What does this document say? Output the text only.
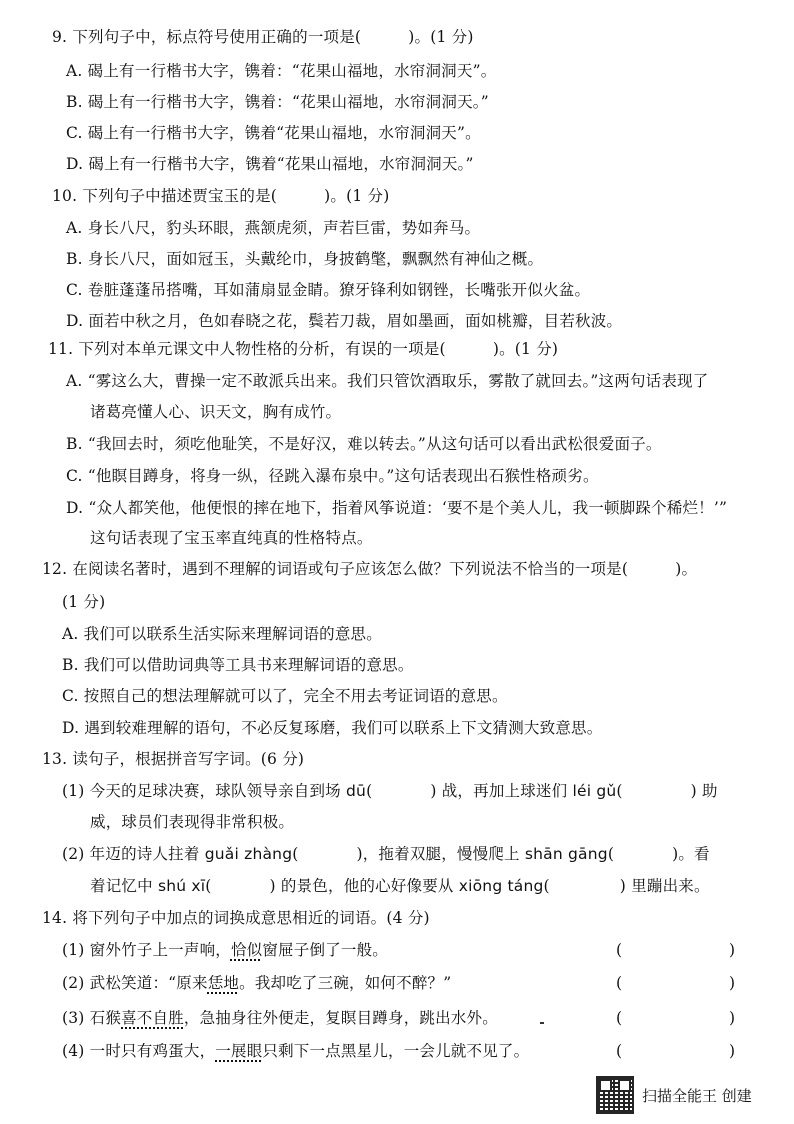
9. 下列句子中，标点符号使用正确的一项是(　　　)。(1 分)
A. 碣上有一行楷书大字，镌着：“花果山福地，水帘洞洞天”。
B. 碣上有一行楷书大字，镌着：“花果山福地，水帘洞洞天。”
C. 碣上有一行楷书大字，镌着“花果山福地，水帘洞洞天”。
D. 碣上有一行楷书大字，镌着“花果山福地，水帘洞洞天。”
10. 下列句子中描述贾宝玉的是(　　　)。(1 分)
A. 身长八尺，豹头环眼，燕颔虎须，声若巨雷，势如奔马。
B. 身长八尺，面如冠玉，头戴纶巾，身披鹤氅，飘飘然有神仙之概。
C. 卷脏蓬蓬吊搭嘴，耳如蒲扇显金睛。獠牙锋利如钢锉，长嘴张开似火盆。
D. 面若中秋之月，色如春晓之花，鬓若刀裁，眉如墨画，面如桃瓣，目若秋波。
11. 下列对本单元课文中人物性格的分析，有误的一项是(　　　)。(1 分)
A. “雾这么大，曹操一定不敢派兵出来。我们只管饮酒取乐，雾散了就回去。”这两句话表现了
诸葛亮懂人心、识天文，胸有成竹。
B. “我回去时，须吃他耻笑，不是好汉，难以转去。”从这句话可以看出武松很爱面子。
C. “他瞑目蹲身，将身一纵，径跳入瀑布泉中。”这句话表现出石猴性格顽劣。
D. “众人都笑他，他便恨的摔在地下，指着风筝说道：‘要不是个美人儿，我一顿脚跺个稀烂！’”
这句话表现了宝玉率直纯真的性格特点。
12. 在阅读名著时，遇到不理解的词语或句子应该怎么做？下列说法不恰当的一项是(　　　)。
(1 分)
A. 我们可以联系生活实际来理解词语的意思。
B. 我们可以借助词典等工具书来理解词语的意思。
C. 按照自己的想法理解就可以了，完全不用去考证词语的意思。
D. 遇到较难理解的语句，不必反复琢磨，我们可以联系上下文猜测大致意思。
13. 读句子，根据拼音写字词。(6 分)
(1) 今天的足球决赛，球队领导亲自到场 dū(	) 战，再加上球迷们 léi gǔ(	) 助
威，球员们表现得非常积极。
(2) 年迈的诗人拄着 guǎi zhàng(	)，拖着双腿，慢慢爬上 shān gāng(	)。看
着记忆中 shú xī(	) 的景色，他的心好像要从 xiōng táng(	) 里蹦出来。
14. 将下列句子中加点的词换成意思相近的词语。(4 分)
(1) 窗外竹子上一声响，恰似窗屉子倒了一般。	(	)
(2) 武松笑道：“原来恁地。我却吃了三碗，如何不醉？”	(	)
(3) 石猴喜不自胜，急抽身往外便走，复瞑目蹲身，跳出水外。	(	)
(4) 一时只有鸡蛋大，一展眼只剩下一点黑星儿，一会儿就不见了。	(	)
扫描全能王 创建
